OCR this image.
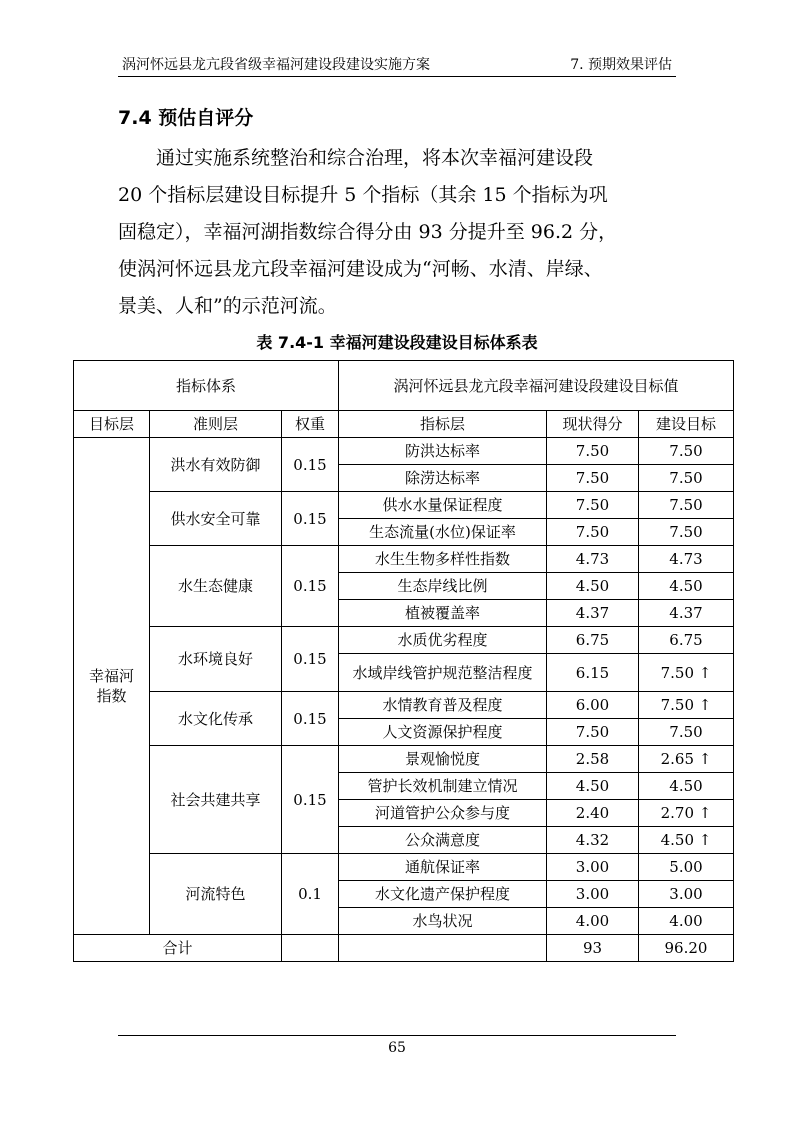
涡河怀远县龙亢段省级幸福河建设段建设实施方案	7. 预期效果评估
7.4 预估自评分

通过实施系统整治和综合治理，将本次幸福河建设段

20 个指标层建设目标提升 5 个指标（其余 15 个指标为巩

固稳定），幸福河湖指数综合得分由 93 分提升至 96.2 分，

使涡河怀远县龙亢段幸福河建设成为“河畅、水清、岸绿、

景美、人和”的示范河流。

表 7.4-1 幸福河建设段建设目标体系表
指标体系			涡河怀远县龙亢段幸福河建设段建设目标值		
目标层	准则层	权重	指标层	现状得分	建设目标
幸福河
指数	洪水有效防御	0.15	防洪达标率	7.50	7.50
			除涝达标率	7.50	7.50
	供水安全可靠	0.15	供水水量保证程度	7.50	7.50
			生态流量(水位)保证率	7.50	7.50
	水生态健康	0.15	水生生物多样性指数	4.73	4.73
			生态岸线比例	4.50	4.50
			植被覆盖率	4.37	4.37
	水环境良好	0.15	水质优劣程度	6.75	6.75
			水域岸线管护规范整洁程度	6.15	7.50 ↑
	水文化传承	0.15	水情教育普及程度	6.00	7.50 ↑
			人文资源保护程度	7.50	7.50
	社会共建共享	0.15	景观愉悦度	2.58	2.65 ↑
			管护长效机制建立情况	4.50	4.50
			河道管护公众参与度	2.40	2.70 ↑
			公众满意度	4.32	4.50 ↑
	河流特色	0.1	通航保证率	3.00	5.00
			水文化遗产保护程度	3.00	3.00
			水鸟状况	4.00	4.00
合计				93	96.20
65
